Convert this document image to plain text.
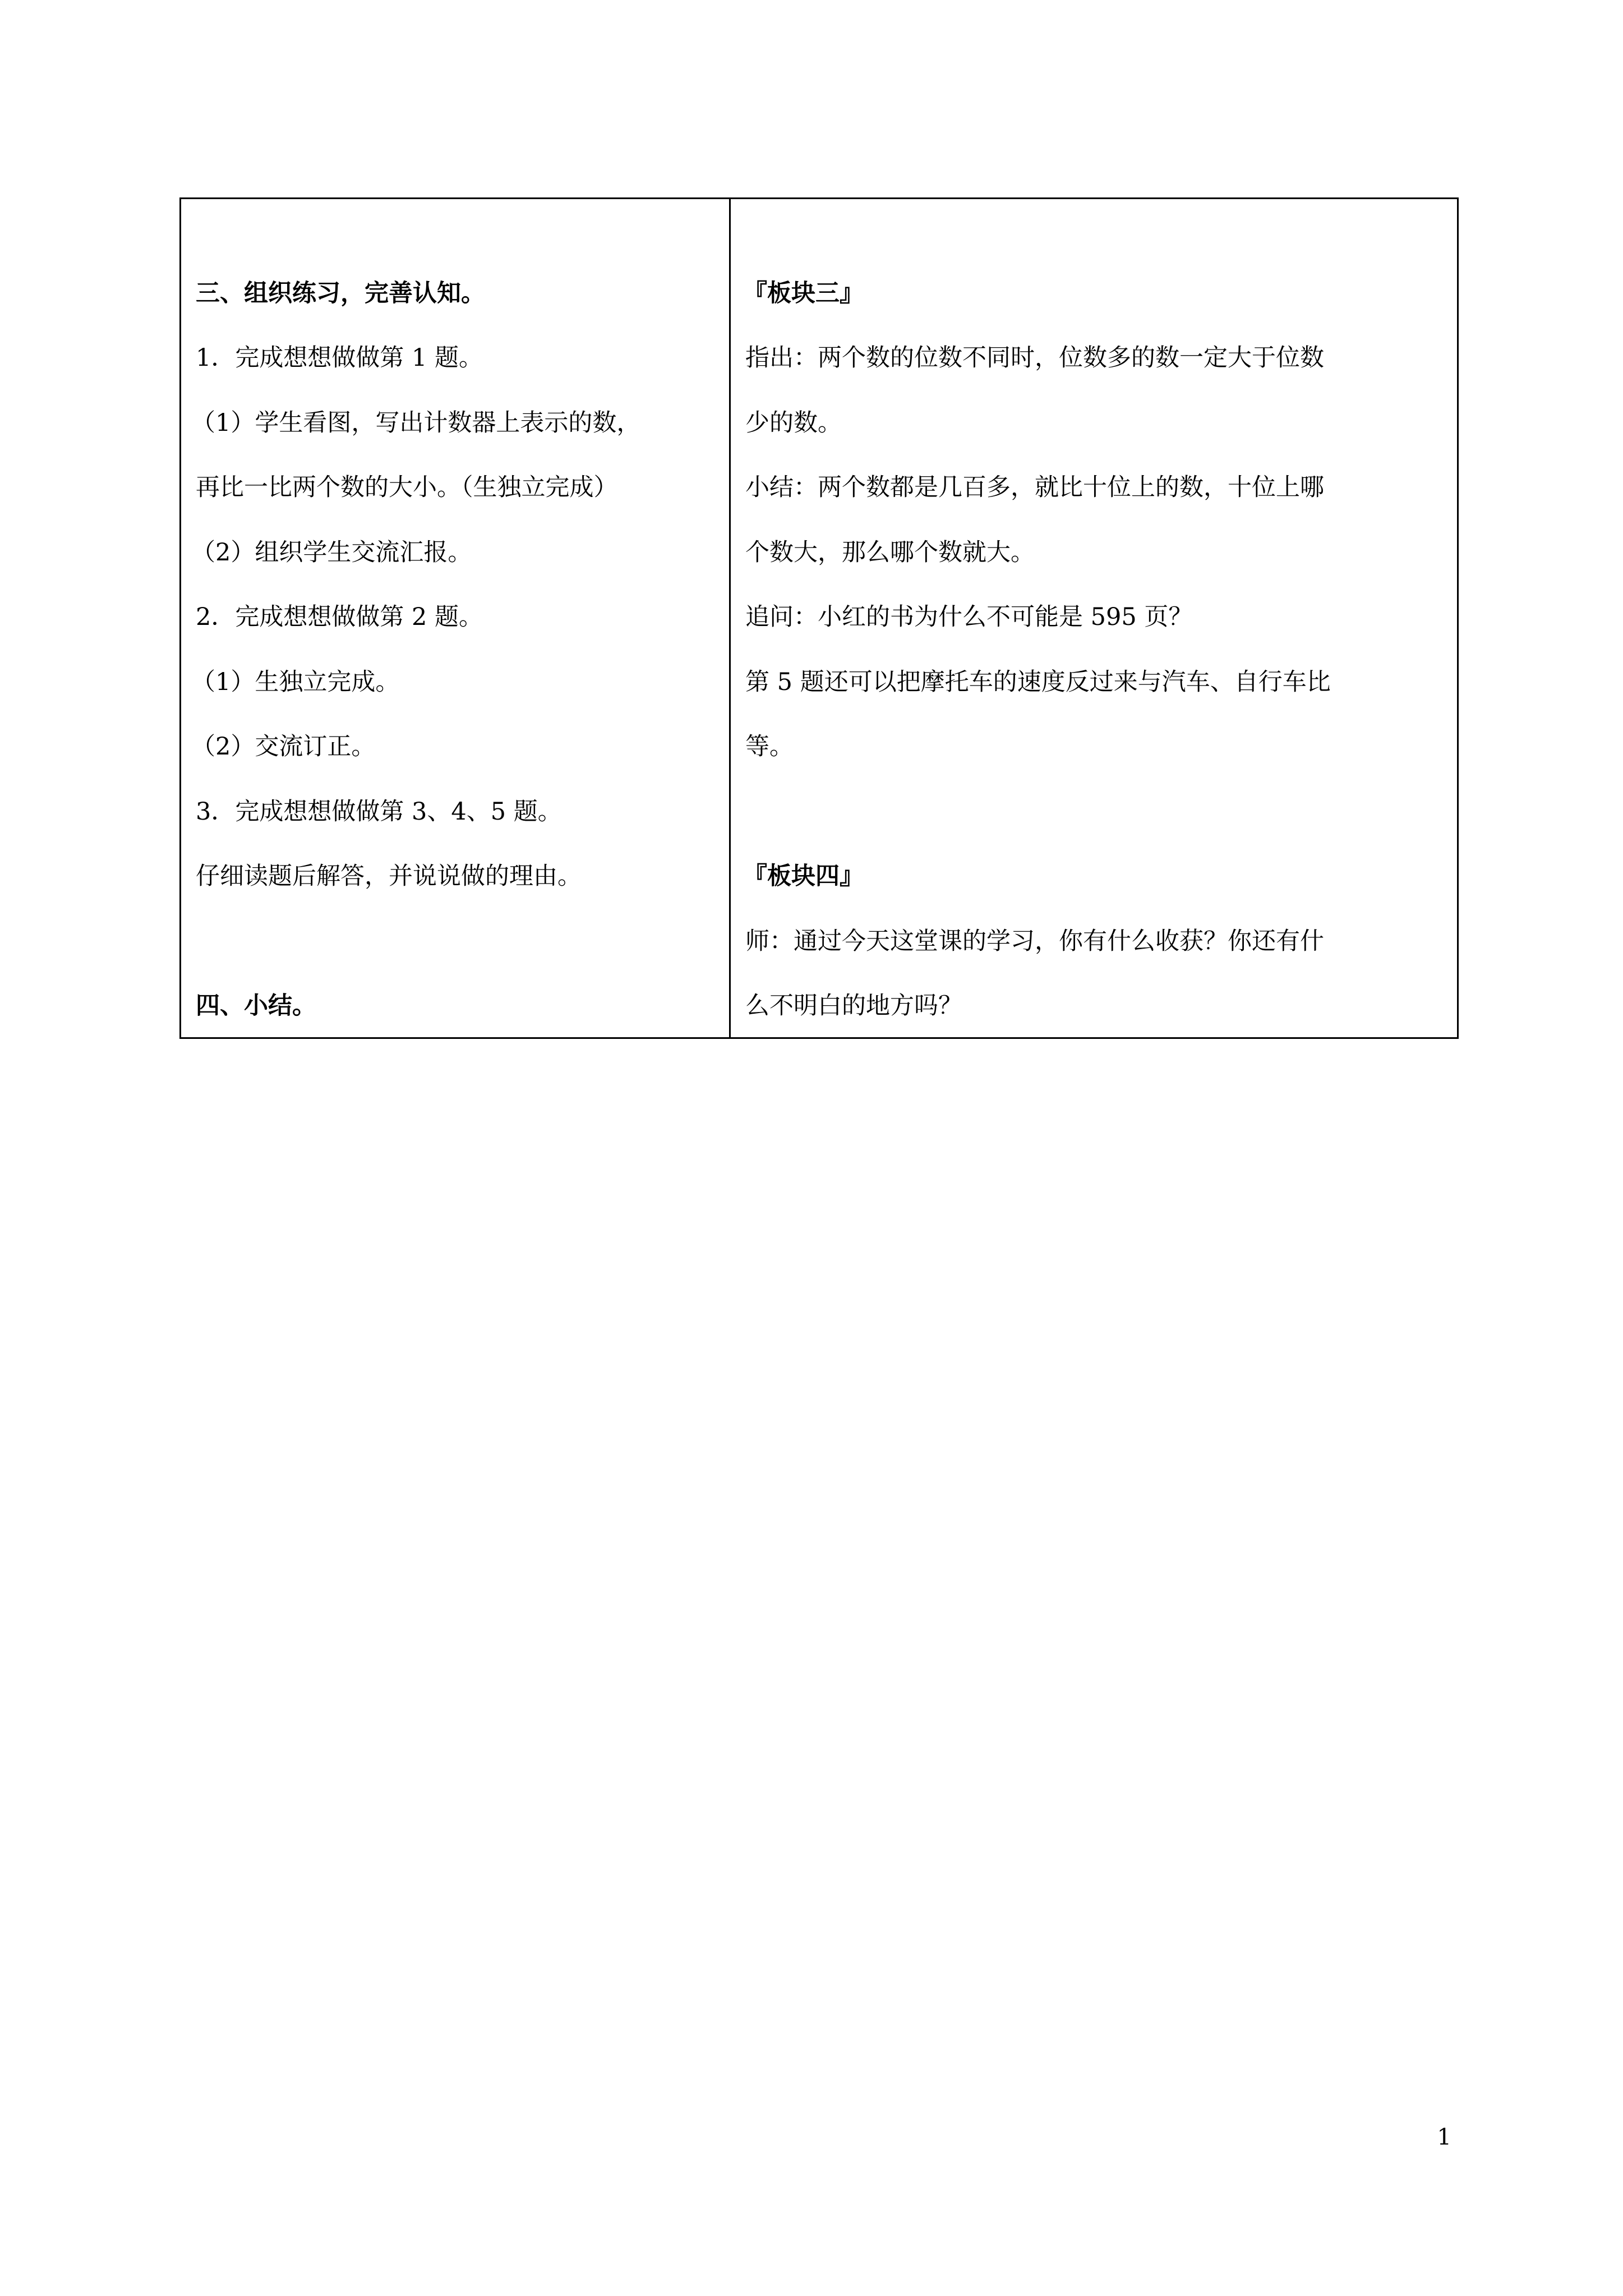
三、组织练习，完善认知。
1．完成想想做做第 1 题。
（1）学生看图，写出计数器上表示的数，
再比一比两个数的大小。（生独立完成）
（2）组织学生交流汇报。
2．完成想想做做第 2 题。
（1）生独立完成。
（2）交流订正。
3．完成想想做做第 3、4、5 题。
仔细读题后解答，并说说做的理由。
四、小结。
『板块三』
指出：两个数的位数不同时，位数多的数一定大于位数
少的数。
小结：两个数都是几百多，就比十位上的数，十位上哪
个数大，那么哪个数就大。
追问：小红的书为什么不可能是 595 页？
第 5 题还可以把摩托车的速度反过来与汽车、自行车比
等。
『板块四』
师：通过今天这堂课的学习，你有什么收获？你还有什
么不明白的地方吗？
1
